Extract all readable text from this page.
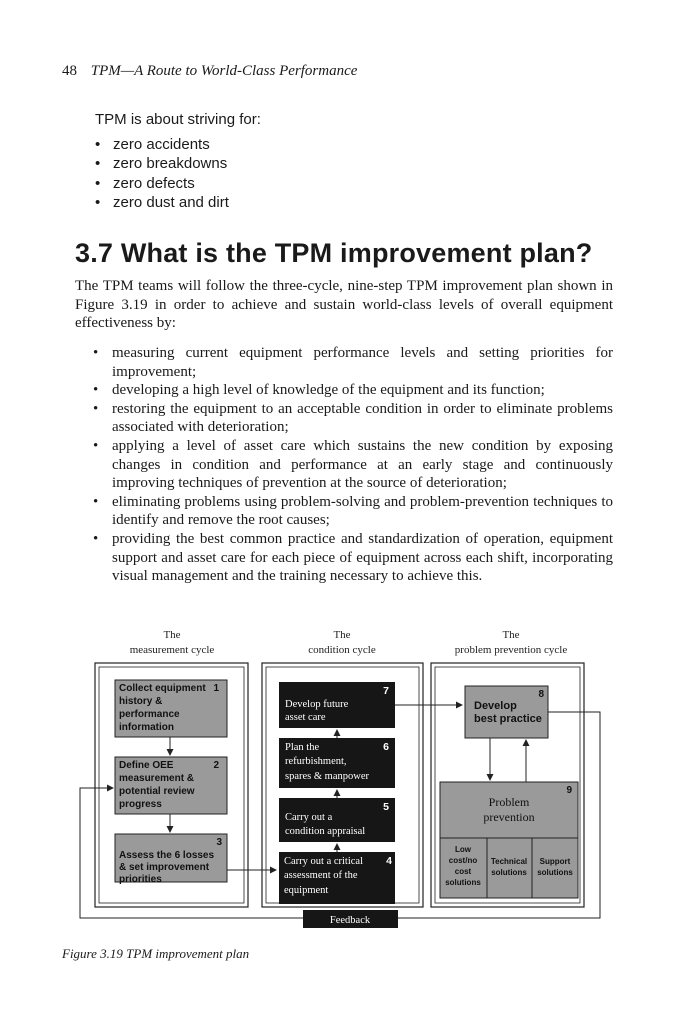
48 TPM—A Route to World-Class Performance
TPM is about striving for:
• zero accidents
• zero breakdowns
• zero defects
• zero dust and dirt
3.7 What is the TPM improvement plan?

The TPM teams will follow the three-cycle, nine-step TPM improvement plan shown in Figure 3.19 in order to achieve and sustain world-class levels of overall equipment effectiveness by:

• measuring current equipment performance levels and setting priorities for improvement;
• developing a high level of knowledge of the equipment and its function;
• restoring the equipment to an acceptable condition in order to eliminate problems associated with deterioration;
• applying a level of asset care which sustains the new condition by exposing changes in condition and performance at an early stage and continuously improving techniques of prevention at the source of deterioration;
• eliminating problems using problem-solving and problem-prevention techniques to identify and remove the root causes;
• providing the best common practice and standardization of operation, equipment support and asset care for each piece of equipment across each shift, incorporating visual management and the training necessary to achieve this.
The
measurement cycle
The
condition cycle
The
problem prevention cycle
1
Collect equipment
history &
performance
information
2
Define OEE
measurement &
potential review
progress
3
Assess the 6 losses
& set improvement
priorities
7
Develop future
asset care
6
Plan the
refurbishment,
spares & manpower
5
Carry out a
condition appraisal
4
Carry out a critical
assessment of the
equipment
8
Develop
best practice
9
Problem
prevention
Low
cost/no
cost
solutions
Technical
solutions
Support
solutions
Feedback
Figure 3.19 TPM improvement plan
